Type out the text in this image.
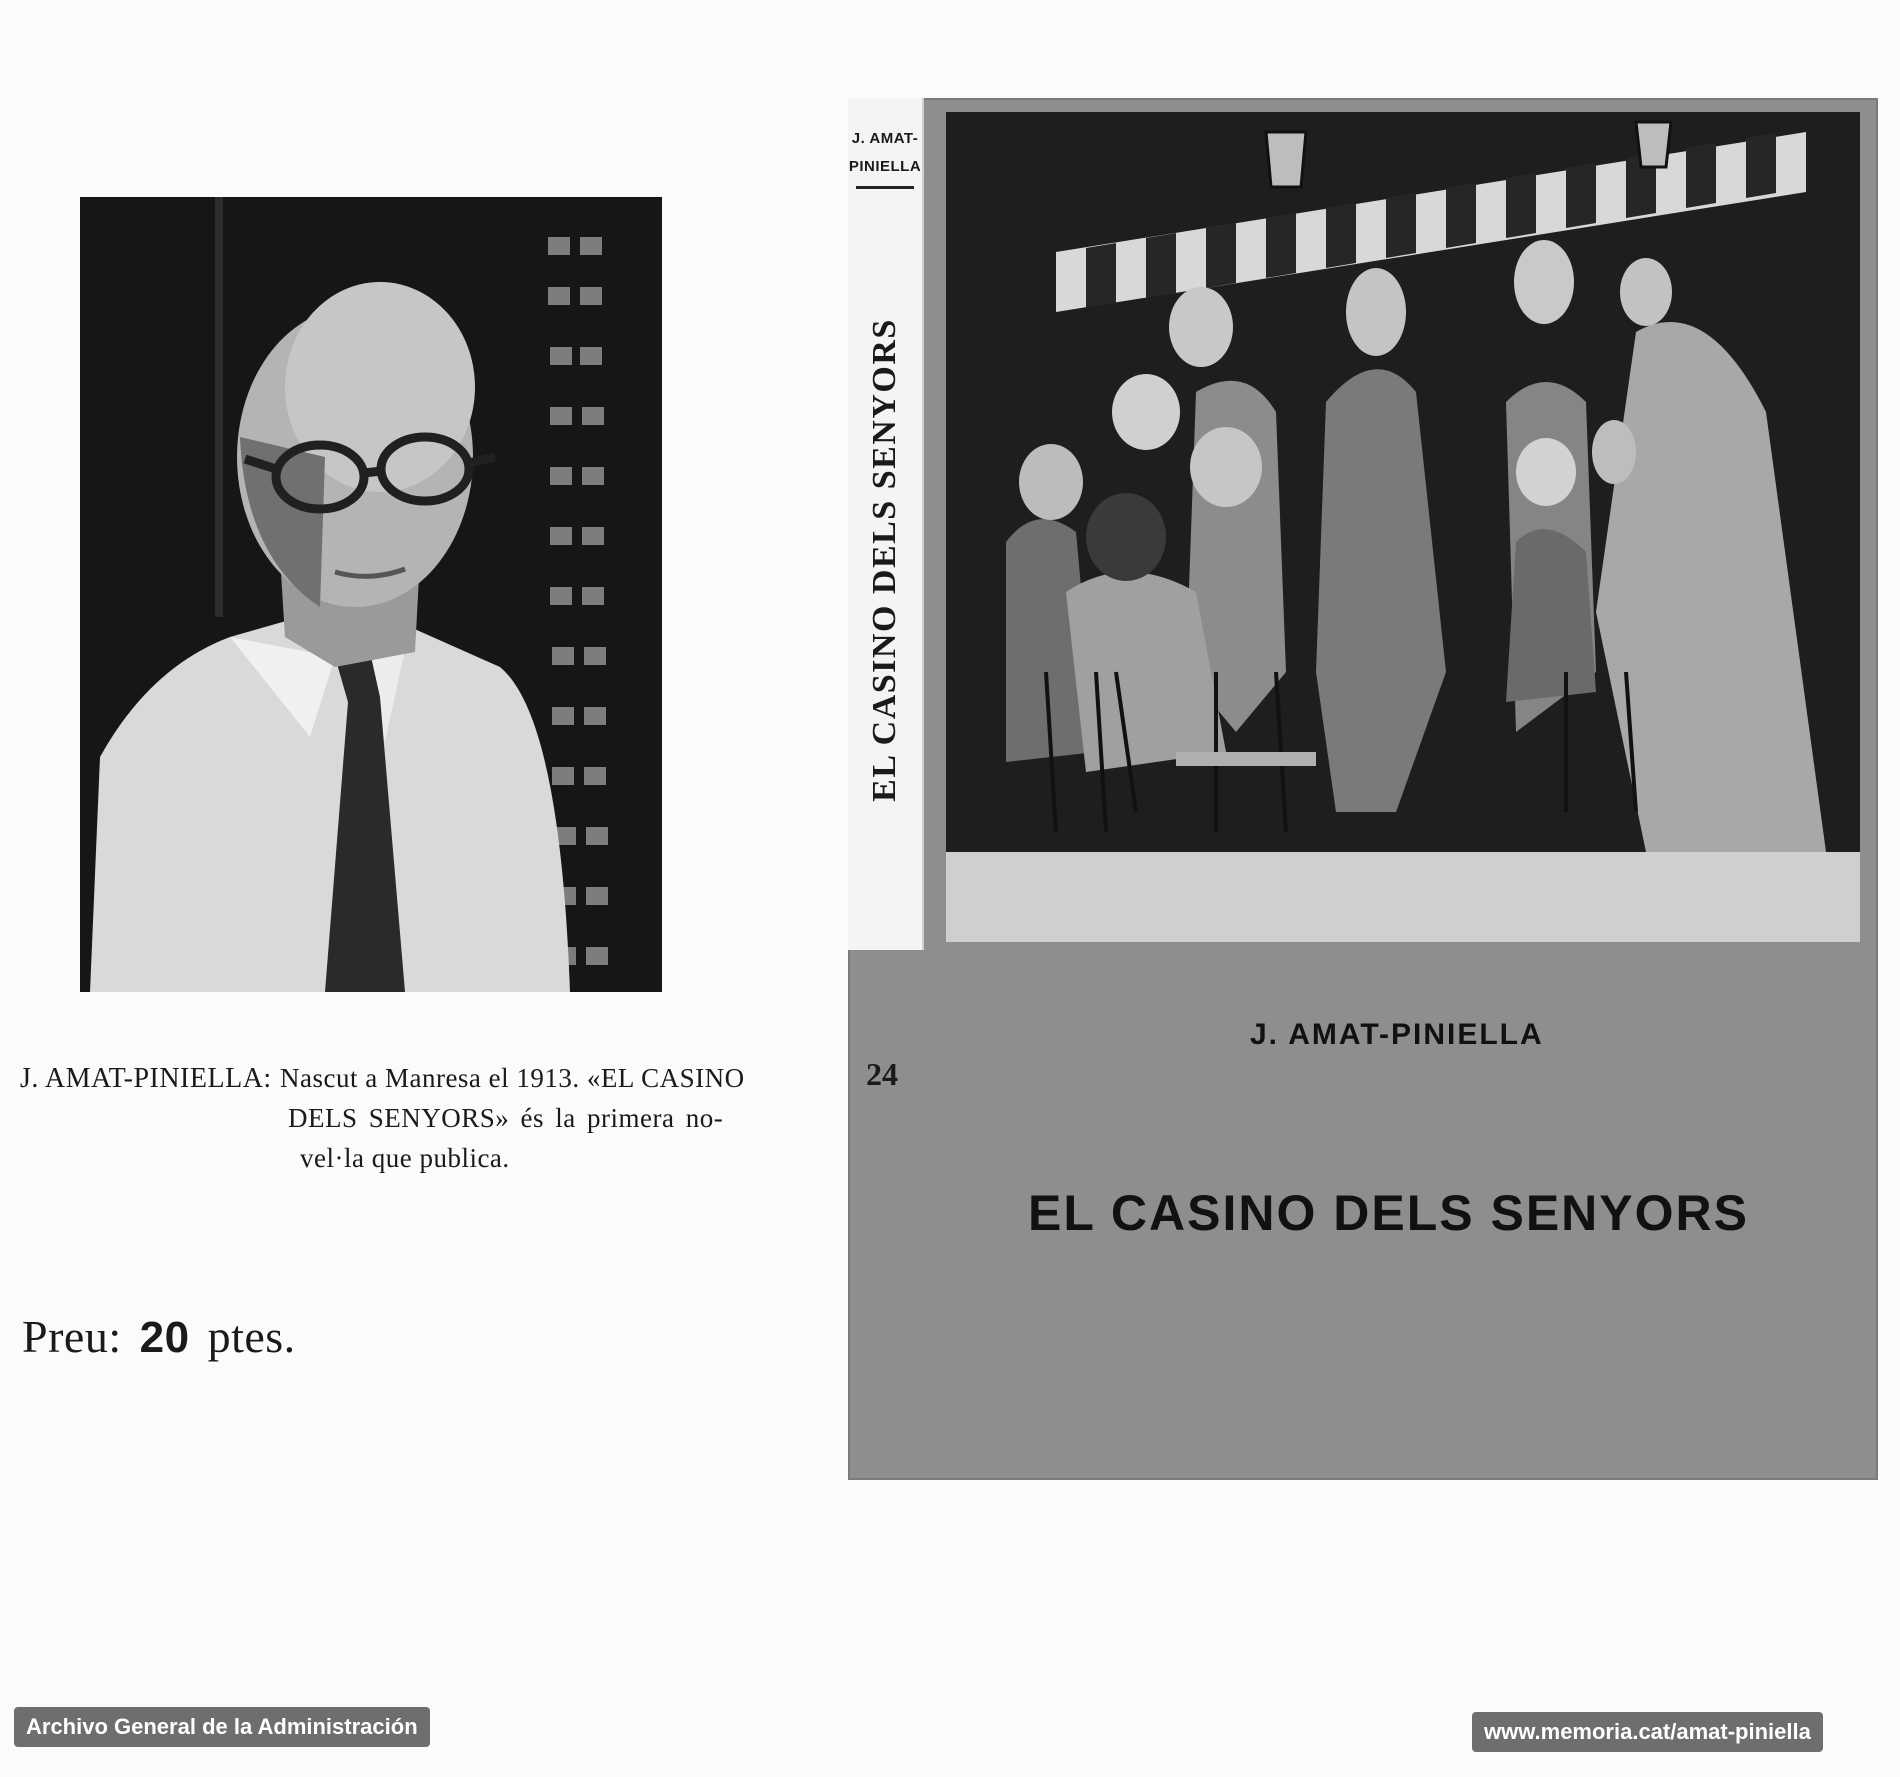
J. AMAT-PINIELLA: Nascut a Manresa el 1913. «EL CASINO
DELS SENYORS» és la primera no-
vel·la que publica.
Preu: 20 ptes.
J. AMAT-
PINIELLA
EL CASINO DELS SENYORS
24
J. AMAT-PINIELLA
EL CASINO DELS SENYORS
Archivo General de la Administración	www.memoria.cat/amat-piniella
